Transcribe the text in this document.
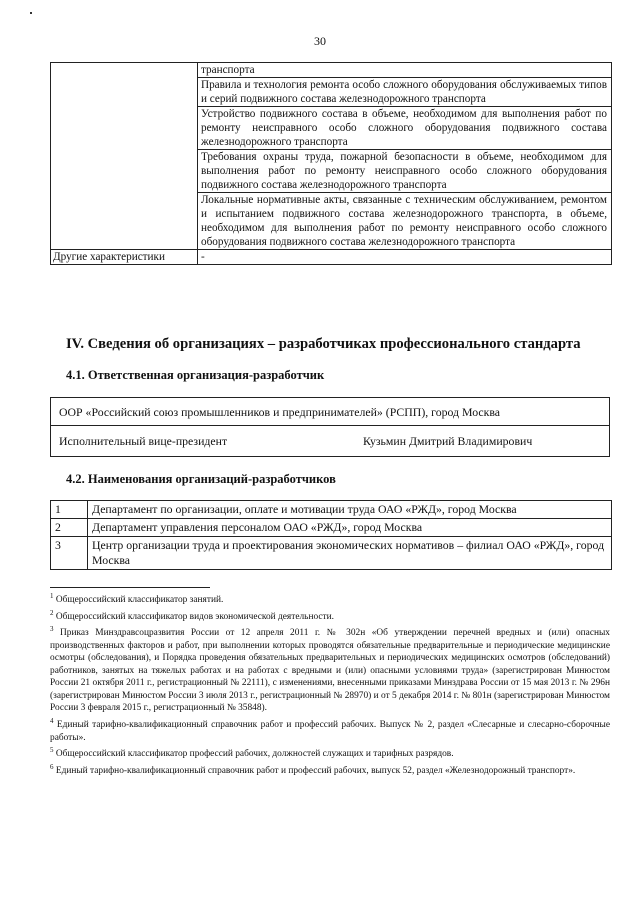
30
	транспорта
	Правила и технология ремонта особо сложного оборудования обслуживаемых типов и серий подвижного состава железнодорожного транспорта
	Устройство подвижного состава в объеме, необходимом для выполнения работ по ремонту неисправного особо сложного оборудования подвижного состава железнодорожного транспорта
	Требования охраны труда, пожарной безопасности в объеме, необходимом для выполнения работ по ремонту неисправного особо сложного оборудования подвижного состава железнодорожного транспорта
	Локальные нормативные акты, связанные с техническим обслуживанием, ремонтом и испытанием подвижного состава железнодорожного транспорта, в объеме, необходимом для выполнения работ по ремонту неисправного особо сложного оборудования подвижного состава железнодорожного транспорта
Другие характеристики	-
IV. Сведения об организациях – разработчиках профессионального стандарта
4.1. Ответственная организация-разработчик
ООР «Российский союз промышленников и предпринимателей» (РСПП), город Москва
Исполнительный вице-президент	Кузьмин Дмитрий Владимирович
4.2. Наименования организаций-разработчиков
1	Департамент по организации, оплате и мотивации труда ОАО «РЖД», город Москва
2	Департамент управления персоналом ОАО «РЖД», город Москва
3	Центр организации труда и проектирования экономических нормативов – филиал ОАО «РЖД», город Москва

$^1$ Общероссийский классификатор занятий.

$^2$ Общероссийский классификатор видов экономической деятельности.

$^3$ Приказ Минздравсоцразвития России от 12 апреля 2011 г. № 302н «Об утверждении перечней вредных и (или) опасных производственных факторов и работ, при выполнении которых проводятся обязательные предварительные и периодические медицинские осмотры (обследования), и Порядка проведения обязательных предварительных и периодических медицинских осмотров (обследований) работников, занятых на тяжелых работах и на работах с вредными и (или) опасными условиями труда» (зарегистрирован Минюстом России 21 октября 2011 г., регистрационный № 22111), с изменениями, внесенными приказами Минздрава России от 15 мая 2013 г. № 296н (зарегистрирован Минюстом России 3 июля 2013 г., регистрационный № 28970) и от 5 декабря 2014 г. № 801н (зарегистрирован Минюстом России 3 февраля 2015 г., регистрационный № 35848).

$^4$ Единый тарифно-квалификационный справочник работ и профессий рабочих. Выпуск № 2, раздел «Слесарные и слесарно-сборочные работы».

$^5$ Общероссийский классификатор профессий рабочих, должностей служащих и тарифных разрядов.

$^6$ Единый тарифно-квалификационный справочник работ и профессий рабочих, выпуск 52, раздел «Железнодорожный транспорт».
